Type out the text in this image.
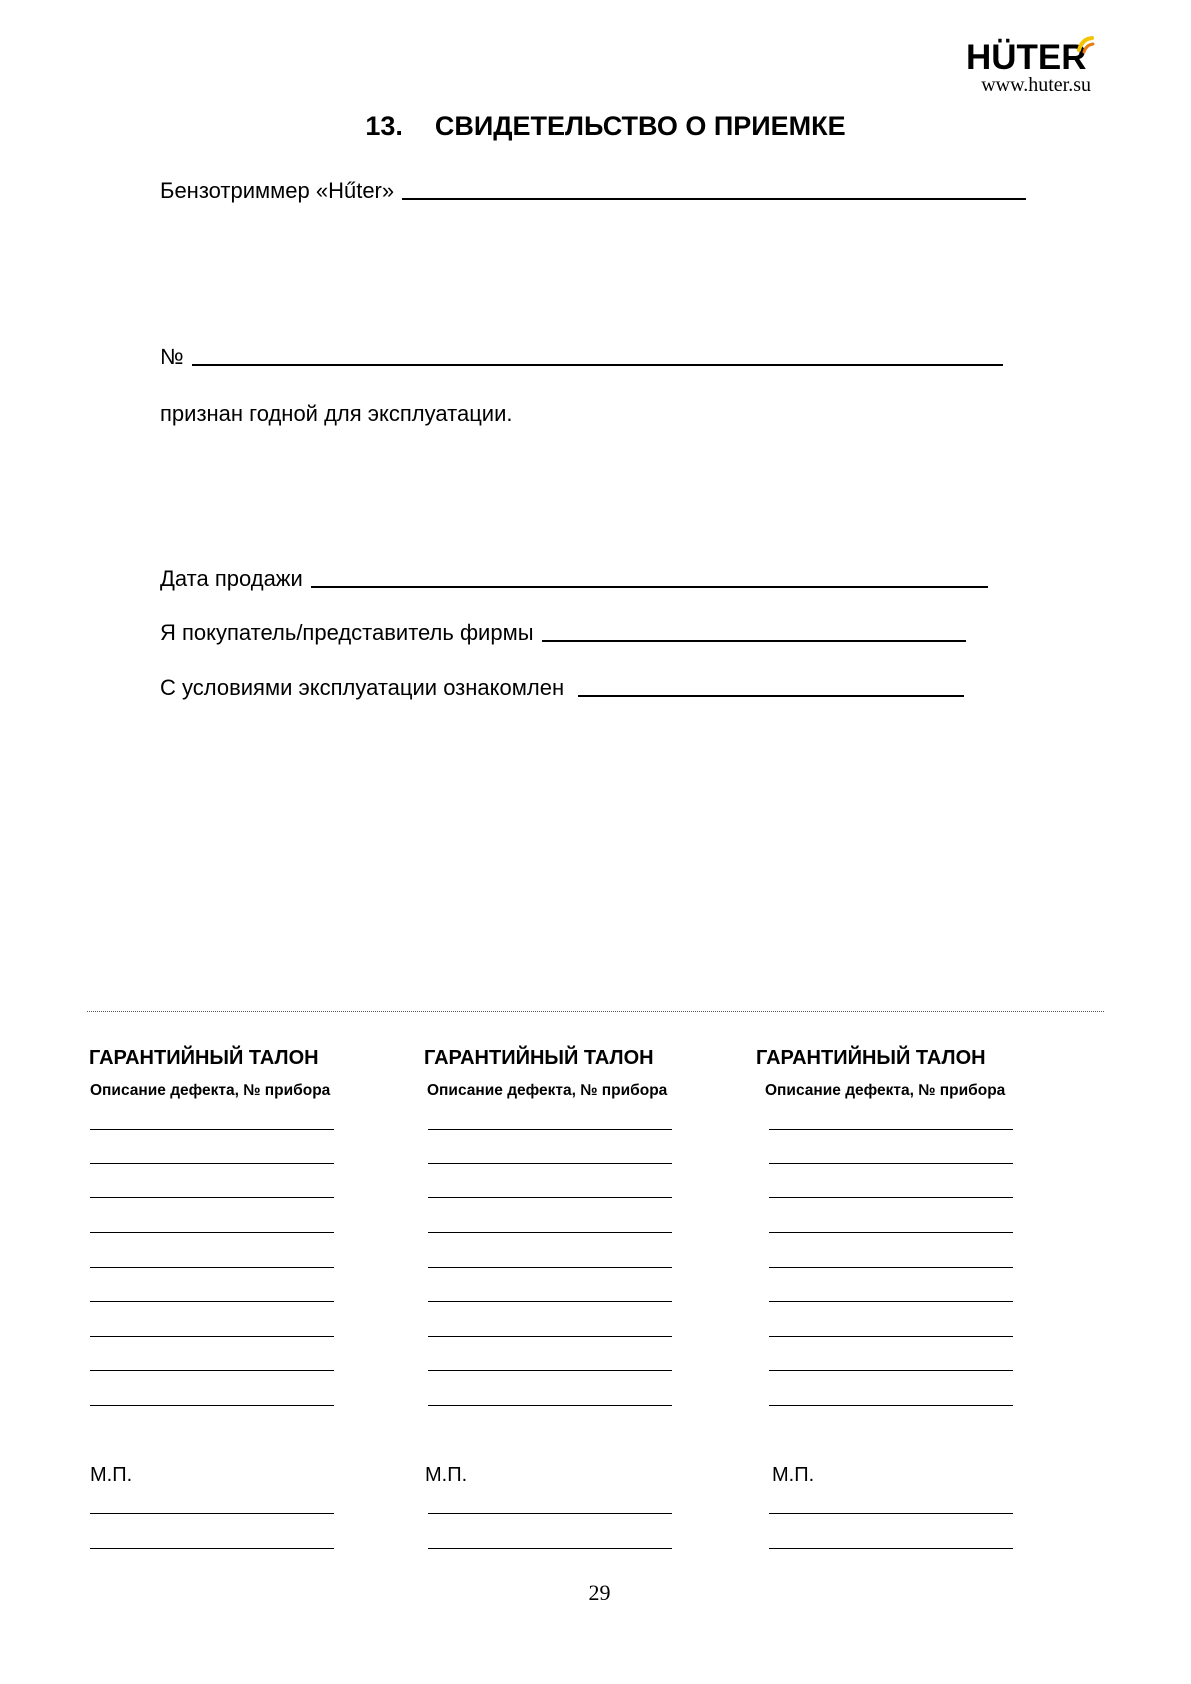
HÜTER
www.huter.su
13. СВИДЕТЕЛЬСТВО О ПРИЕМКЕ
Бензотриммер «Hűter»
№
признан годной для эксплуатации.
Дата продажи
Я покупатель/представитель фирмы
С условиями эксплуатации ознакомлен
ГАРАНТИЙНЫЙ ТАЛОН
Описание дефекта, № прибора
М.П.
ГАРАНТИЙНЫЙ ТАЛОН
Описание дефекта, № прибора
М.П.
ГАРАНТИЙНЫЙ ТАЛОН
Описание дефекта, № прибора
М.П.
29
